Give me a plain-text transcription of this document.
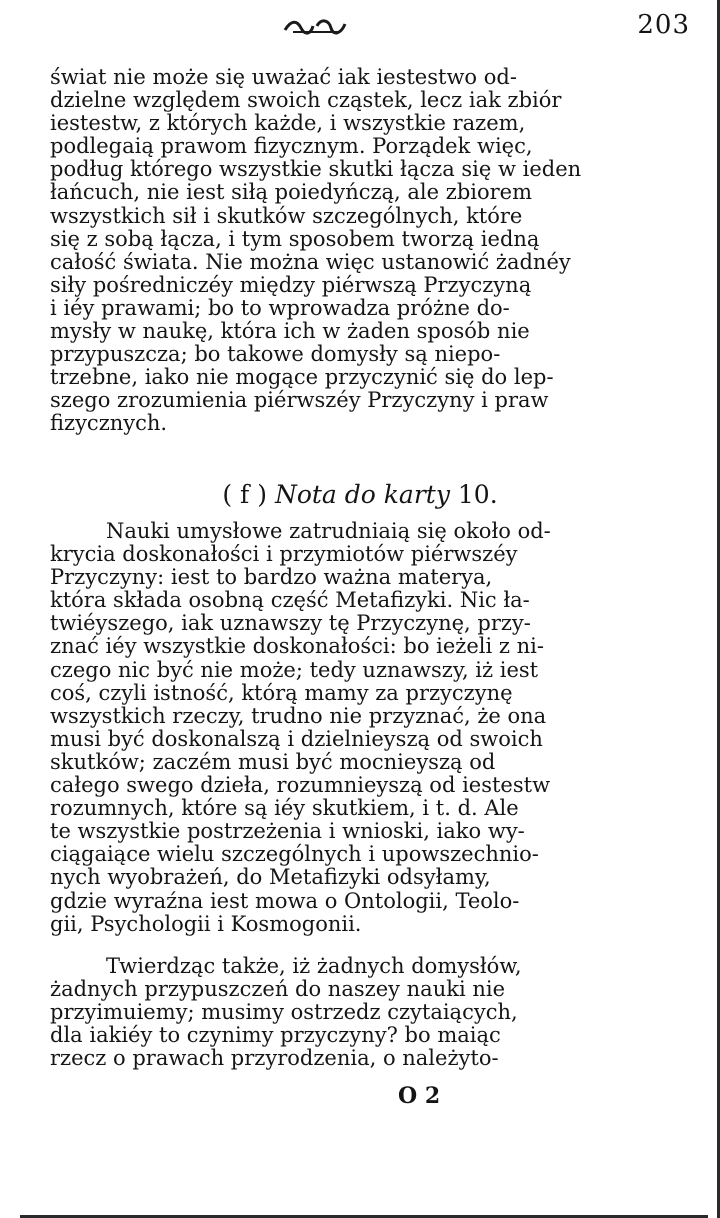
203
świat nie może się uważać iak iestestwo od-
dzielne względem swoich cząstek, lecz iak zbiór
iestestw, z których każde, i wszystkie razem,
podlegaią prawom fizycznym. Porządek więc,
podług którego wszystkie skutki łącza się w ieden
łańcuch, nie iest siłą poiedyńczą, ale zbiorem
wszystkich sił i skutków szczególnych, które
się z sobą łącza, i tym sposobem tworzą iedną
całość świata. Nie można więc ustanowić żadnéy
siły pośredniczéy między piérwszą Przyczyną
i iéy prawami; bo to wprowadza próżne do-
mysły w naukę, która ich w żaden sposób nie
przypuszcza; bo takowe domysły są niepo-
trzebne, iako nie mogące przyczynić się do lep-
szego zrozumienia piérwszéy Przyczyny i praw
fizycznych.
( f ) Nota do karty 10.
Nauki umysłowe zatrudniaią się około od-
krycia doskonałości i przymiotów piérwszéy
Przyczyny: iest to bardzo ważna materya,
która składa osobną część Metafizyki. Nic ła-
twiéyszego, iak uznawszy tę Przyczynę, przy-
znać iéy wszystkie doskonałości: bo ieżeli z ni-
czego nic być nie może; tedy uznawszy, iż iest
coś, czyli istność, którą mamy za przyczynę
wszystkich rzeczy, trudno nie przyznać, że ona
musi być doskonalszą i dzielnieyszą od swoich
skutków; zaczém musi być mocnieyszą od
całego swego dzieła, rozumnieyszą od iestestw
rozumnych, które są iéy skutkiem, i t. d. Ale
te wszystkie postrzeżenia i wnioski, iako wy-
ciągaiące wielu szczególnych i upowszechnio-
nych wyobrażeń, do Metafizyki odsyłamy,
gdzie wyraźna iest mowa o Ontologii, Teolo-
gii, Psychologii i Kosmogonii.
Twierdząc także, iż żadnych domysłów,
żadnych przypuszczeń do naszey nauki nie
przyimuiemy; musimy ostrzedz czytaiących,
dla iakiéy to czynimy przyczyny? bo maiąc
rzecz o prawach przyrodzenia, o należyto-
O 2
